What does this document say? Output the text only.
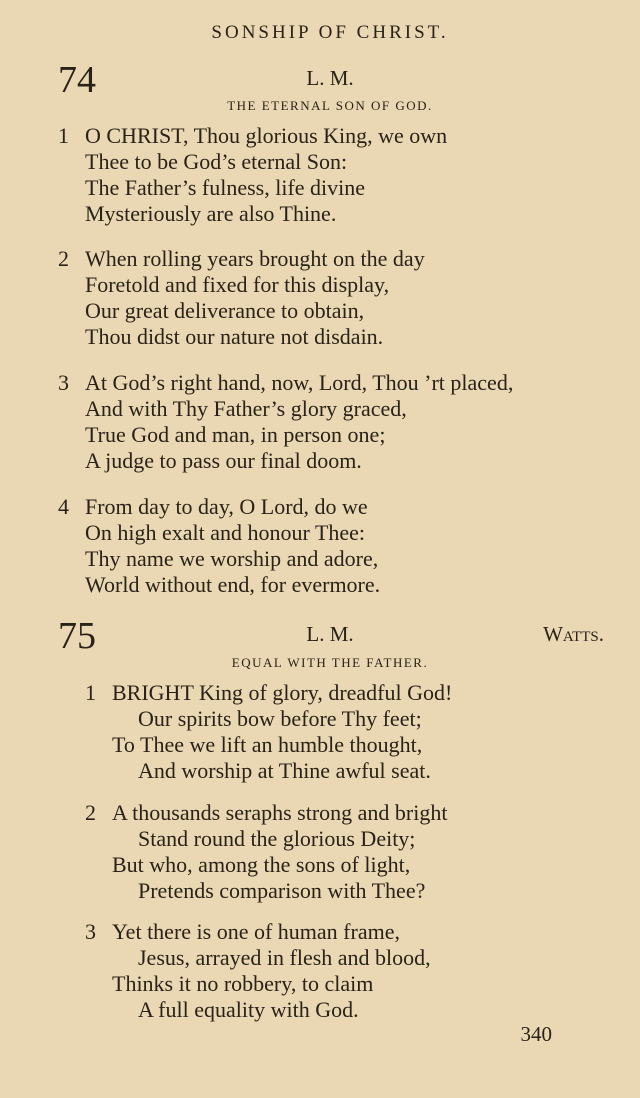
SONSHIP OF CHRIST.
74	L. M.
THE ETERNAL SON OF GOD.
1 O CHRIST, Thou glorious King, we own
Thee to be God’s eternal Son:
The Father’s fulness, life divine
Mysteriously are also Thine.
2 When rolling years brought on the day
Foretold and fixed for this display,
Our great deliverance to obtain,
Thou didst our nature not disdain.
3 At God’s right hand, now, Lord, Thou ’rt placed,
And with Thy Father’s glory graced,
True God and man, in person one;
A judge to pass our final doom.
4 From day to day, O Lord, do we
On high exalt and honour Thee:
Thy name we worship and adore,
World without end, for evermore.
75	L. M.	Watts.
EQUAL WITH THE FATHER.
1 BRIGHT King of glory, dreadful God!
Our spirits bow before Thy feet;
To Thee we lift an humble thought,
And worship at Thine awful seat.
2 A thousands seraphs strong and bright
Stand round the glorious Deity;
But who, among the sons of light,
Pretends comparison with Thee?
3 Yet there is one of human frame,
Jesus, arrayed in flesh and blood,
Thinks it no robbery, to claim
A full equality with God.
340
